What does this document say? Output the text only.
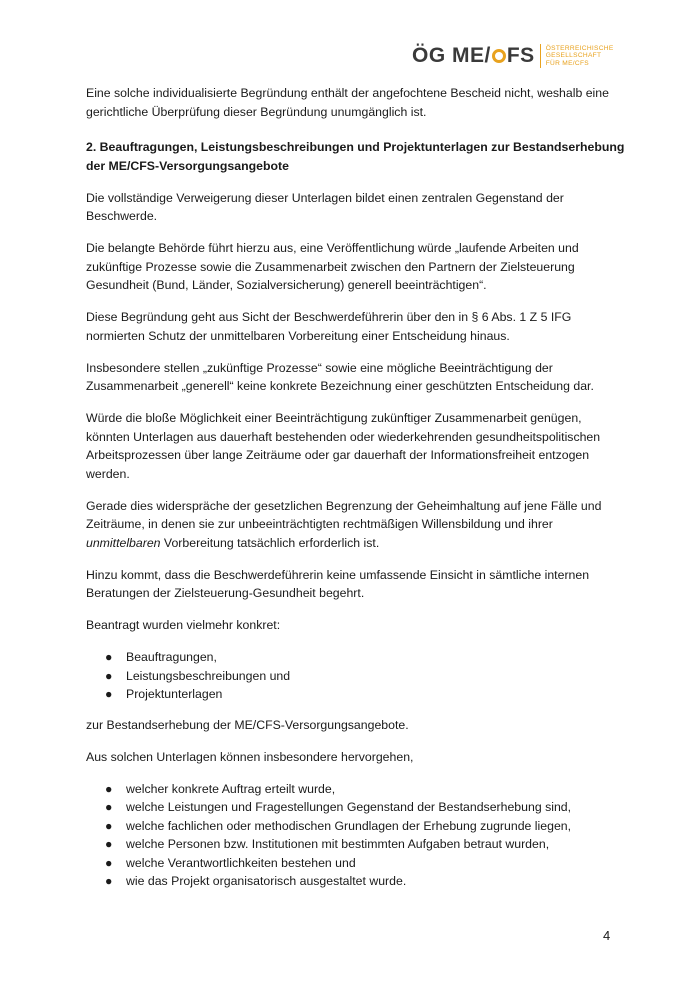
ÖG ME/ FS ÖSTERREICHISCHE
GESELLSCHAFT
FÜR ME/CFS

Eine solche individualisierte Begründung enthält der angefochtene Bescheid nicht, weshalb eine gerichtliche Überprüfung dieser Begründung unumgänglich ist.

2. Beauftragungen, Leistungsbeschreibungen und Projektunterlagen zur Bestandserhebung der ME/CFS-Versorgungsangebote

Die vollständige Verweigerung dieser Unterlagen bildet einen zentralen Gegenstand der Beschwerde.

Die belangte Behörde führt hierzu aus, eine Veröffentlichung würde „laufende Arbeiten und zukünftige Prozesse sowie die Zusammenarbeit zwischen den Partnern der Zielsteuerung Gesundheit (Bund, Länder, Sozialversicherung) generell beeinträchtigen“.

Diese Begründung geht aus Sicht der Beschwerdeführerin über den in § 6 Abs. 1 Z 5 IFG normierten Schutz der unmittelbaren Vorbereitung einer Entscheidung hinaus.

Insbesondere stellen „zukünftige Prozesse“ sowie eine mögliche Beeinträchtigung der Zusammenarbeit „generell“ keine konkrete Bezeichnung einer geschützten Entscheidung dar.

Würde die bloße Möglichkeit einer Beeinträchtigung zukünftiger Zusammenarbeit genügen, könnten Unterlagen aus dauerhaft bestehenden oder wiederkehrenden gesundheitspolitischen Arbeitsprozessen über lange Zeiträume oder gar dauerhaft der Informationsfreiheit entzogen werden.

Gerade dies widerspräche der gesetzlichen Begrenzung der Geheimhaltung auf jene Fälle und Zeiträume, in denen sie zur unbeeinträchtigten rechtmäßigen Willensbildung und ihrer unmittelbaren Vorbereitung tatsächlich erforderlich ist.

Hinzu kommt, dass die Beschwerdeführerin keine umfassende Einsicht in sämtliche internen Beratungen der Zielsteuerung-Gesundheit begehrt.

Beantragt wurden vielmehr konkret:

● Beauftragungen,
● Leistungsbeschreibungen und
● Projektunterlagen

zur Bestandserhebung der ME/CFS-Versorgungsangebote.

Aus solchen Unterlagen können insbesondere hervorgehen,

● welcher konkrete Auftrag erteilt wurde,
● welche Leistungen und Fragestellungen Gegenstand der Bestandserhebung sind,
● welche fachlichen oder methodischen Grundlagen der Erhebung zugrunde liegen,
● welche Personen bzw. Institutionen mit bestimmten Aufgaben betraut wurden,
● welche Verantwortlichkeiten bestehen und
● wie das Projekt organisatorisch ausgestaltet wurde.
4
